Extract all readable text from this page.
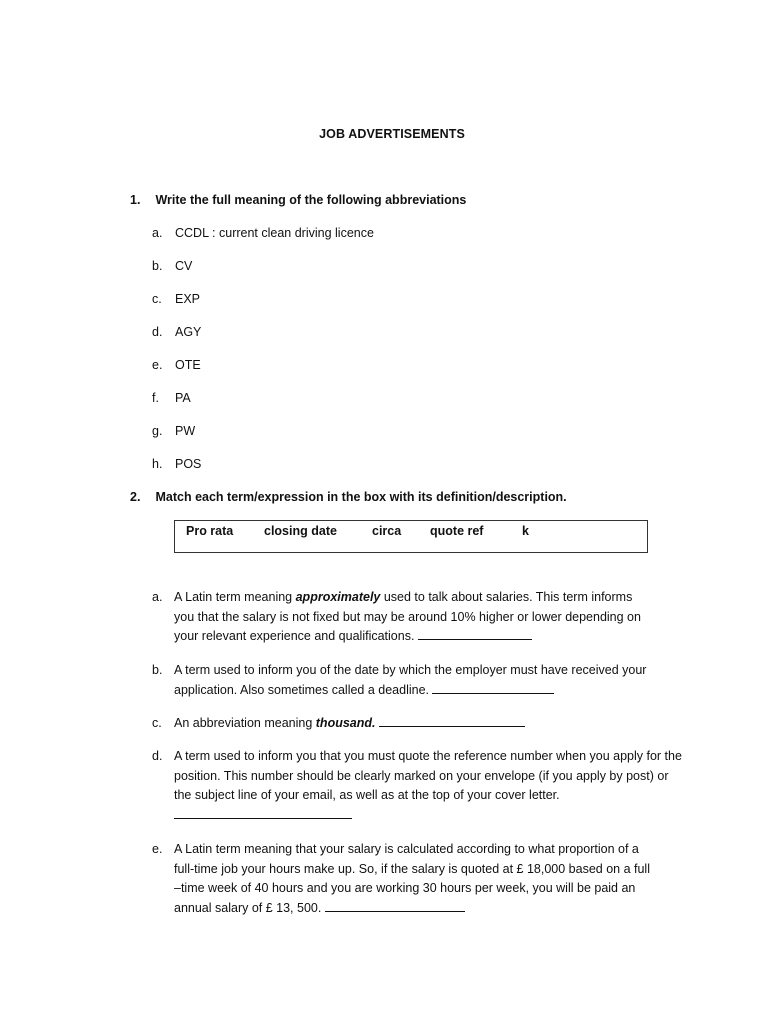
JOB ADVERTISEMENTS
1. Write the full meaning of the following abbreviations
a. CCDL : current clean driving licence
b. CV
c. EXP
d. AGY
e. OTE
f. PA
g. PW
h. POS
2. Match each term/expression in the box with its definition/description.
Pro rata closing date	circa quote ref	k
a. A Latin term meaning approximately used to talk about salaries. This term informs you that the salary is not fixed but may be around 10% higher or lower depending on your relevant experience and qualifications.
b. A term used to inform you of the date by which the employer must have received your application. Also sometimes called a deadline.
c. An abbreviation meaning thousand.
d. A term used to inform you that you must quote the reference number when you apply for the position. This number should be clearly marked on your envelope (if you apply by post) or the subject line of your email, as well as at the top of your cover letter.

e. A Latin term meaning that your salary is calculated according to what proportion of a full-time job your hours make up. So, if the salary is quoted at £ 18,000 based on a full –time week of 40 hours and you are working 30 hours per week, you will be paid an annual salary of £ 13, 500.
